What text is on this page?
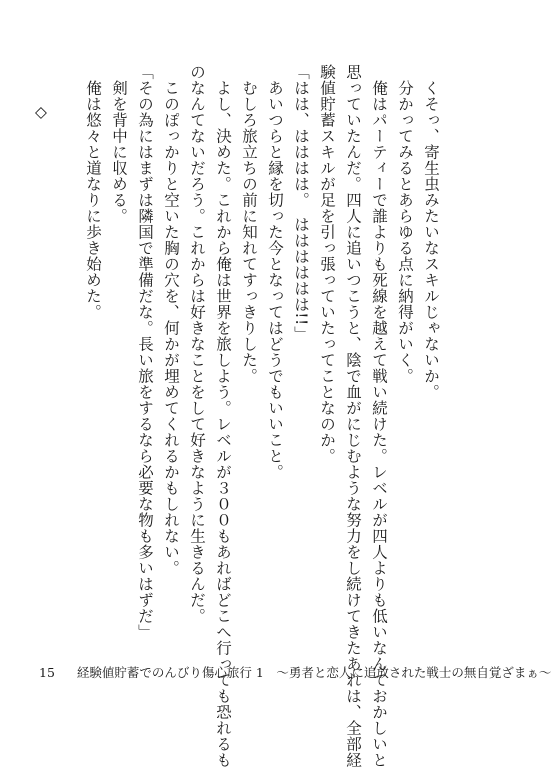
くそっ、寄生虫みたいなスキルじゃないか。

分かってみるとあらゆる点に納得がいく。

俺はパーティーで誰よりも死線を越えて戦い続けた。レベルが四人よりも低いなんておかしいと

思っていたんだ。四人に追いつこうと、陰で血がにじむような努力をし続けてきたあれは、全部経

験値貯蓄スキルが足を引っ張っていたってことなのか。

「はは、はははは。　はははははは!!」

あいつらと縁を切った今となってはどうでもいいこと。

むしろ旅立ちの前に知れてすっきりした。

よし、決めた。これから俺は世界を旅しよう。レベルが３００もあればどこへ行っても恐れるも

のなんてないだろう。これからは好きなことをして好きなように生きるんだ。

このぽっかりと空いた胸の穴を、何かが埋めてくれるかもしれない。

「その為にはまずは隣国で準備だな。長い旅をするなら必要な物も多いはずだ」

剣を背中に収める。

俺は悠々と道なりに歩き始めた。

◇

15 経験値貯蓄でのんびり傷心旅行 1　～勇者と恋人に追放された戦士の無自覚ざまぁ～
